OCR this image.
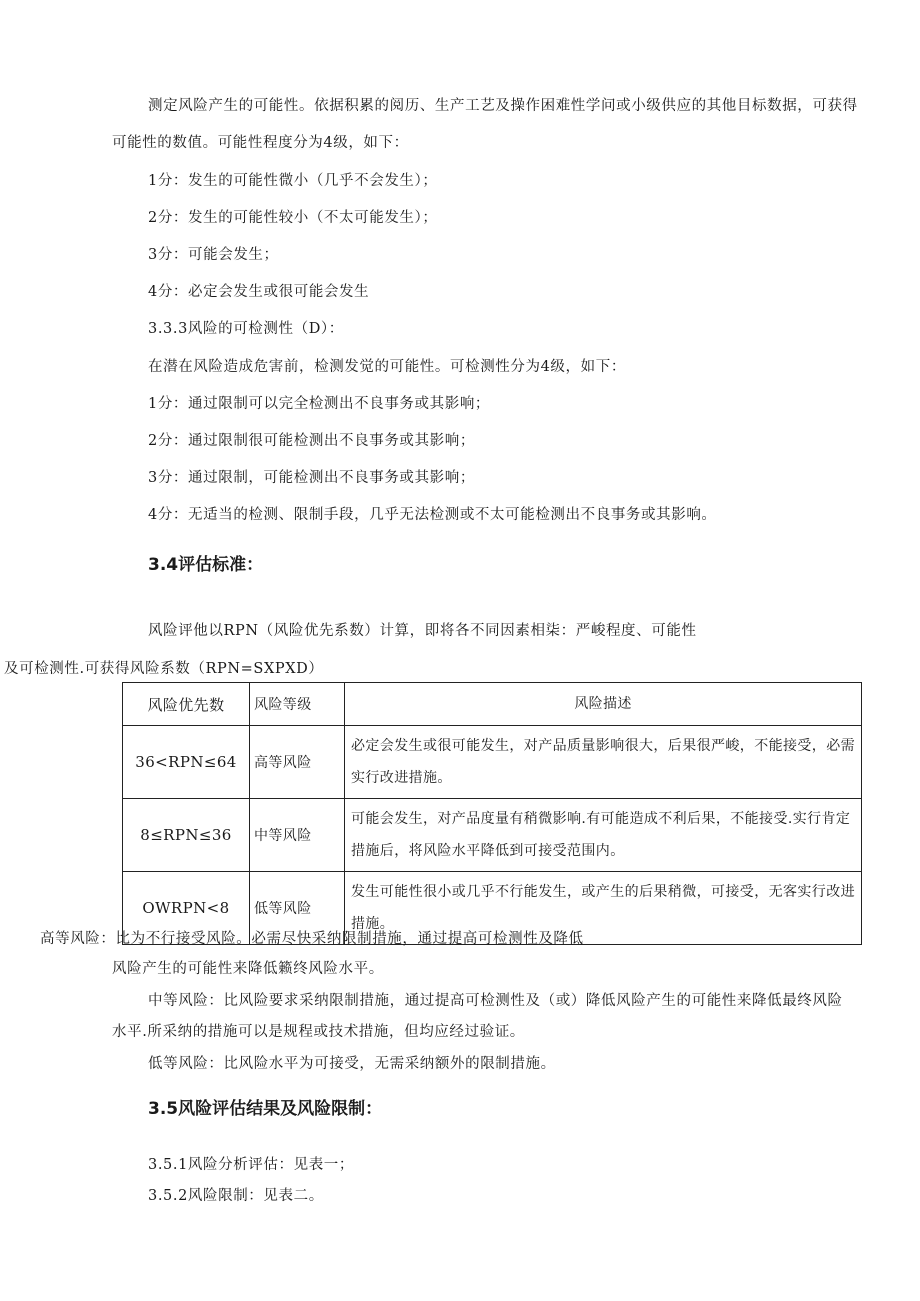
测定风险产生的可能性。依据积累的阅历、生产工艺及操作困难性学问或小级供应的其他目标数据，可获得
可能性的数值。可能性程度分为4级，如下：
1分：发生的可能性微小（几乎不会发生）；
2分：发生的可能性较小（不太可能发生）；
3分：可能会发生；
4分：必定会发生或很可能会发生
3.3.3风险的可检测性（D）：
在潜在风险造成危害前，检测发觉的可能性。可检测性分为4级，如下：
1分：通过限制可以完全检测出不良事务或其影响；
2分：通过限制很可能检测出不良事务或其影响；
3分：通过限制，可能检测出不良事务或其影响；
4分：无适当的检测、限制手段，几乎无法检测或不太可能检测出不良事务或其影响。
3.4评估标准：
风险评他以RPN（风险优先系数）计算，即将各不同因素相柒：严峻程度、可能性
及可检测性.可获得风险系数（RPN=SXPXD）
风险优先数	风险等级	风险描述
36<RPN≤64	高等风险	必定会发生或很可能发生，对产品质量影响很大，后果很严峻，不能接受，必需实行改进措施。
8≤RPN≤36	中等风险	可能会发生，对产品度量有稍微影响.有可能造成不利后果，不能接受.实行肯定措施后，将风险水平降低到可接受范围内。
OWRPN<8	低等风险	发生可能性很小或几乎不行能发生，或产生的后果稍微，可接受，无客实行改进措施。
高等风险：比为不行接受风险。必需尽快采纳限制措施，通过提高可检测性及降低
风险产生的可能性来降低籁终风险水平。
中等风险：比风险要求采纳限制措施，通过提高可检测性及（或）降低风险产生的可能性来降低最终风险
水平.所采纳的措施可以是规程或技术措施，但均应经过验证。
低等风险：比风险水平为可接受，无需采纳额外的限制措施。
3.5风险评估结果及风险限制：
3.5.1风险分析评估：见表一；
3.5.2风险限制：见表二。
